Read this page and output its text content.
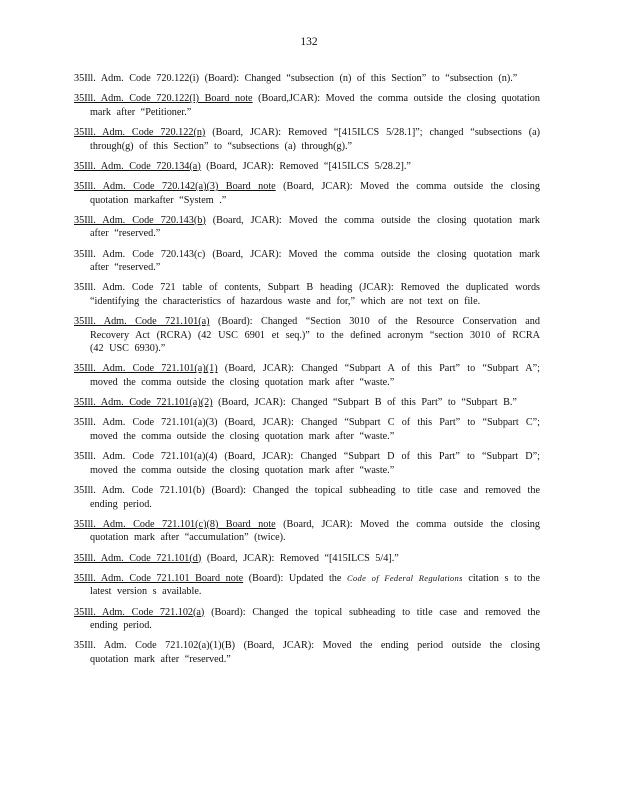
132

35Ill. Adm. Code 720.122(i) (Board): Changed “subsection (n) of this Section” to “subsection (n).”

35Ill. Adm. Code 720.122(l) Board note (Board,JCAR): Moved the comma outside the closing quotation mark after “Petitioner.”

35Ill. Adm. Code 720.122(n) (Board, JCAR): Removed “[415ILCS 5/28.1]”; changed “subsections (a) through(g) of this Section” to “subsections (a) through(g).”

35Ill. Adm. Code 720.134(a) (Board, JCAR): Removed “[415ILCS 5/28.2].”

35Ill. Adm. Code 720.142(a)(3) Board note (Board, JCAR): Moved the comma outside the closing quotation markafter “System .”

35Ill. Adm. Code 720.143(b) (Board, JCAR): Moved the comma outside the closing quotation mark after “reserved.”

35Ill. Adm. Code 720.143(c) (Board, JCAR): Moved the comma outside the closing quotation mark after “reserved.”

35Ill. Adm. Code 721 table of contents, Subpart B heading (JCAR): Removed the duplicated words “identifying the characteristics of hazardous waste and for,” which are not text on file.

35Ill. Adm. Code 721.101(a) (Board): Changed “Section 3010 of the Resource Conservation and Recovery Act (RCRA) (42 USC 6901 et seq.)” to the defined acronym “section 3010 of RCRA (42 USC 6930).”

35Ill. Adm. Code 721.101(a)(1) (Board, JCAR): Changed “Subpart A of this Part” to “Subpart A”; moved the comma outside the closing quotation mark after “waste.”

35Ill. Adm. Code 721.101(a)(2) (Board, JCAR): Changed “Subpart B of this Part” to “Subpart B.”

35Ill. Adm. Code 721.101(a)(3) (Board, JCAR): Changed “Subpart C of this Part” to “Subpart C”; moved the comma outside the closing quotation mark after “waste.”

35Ill. Adm. Code 721.101(a)(4) (Board, JCAR): Changed “Subpart D of this Part” to “Subpart D”; moved the comma outside the closing quotation mark after “waste.”

35Ill. Adm. Code 721.101(b) (Board): Changed the topical subheading to title case and removed the ending period.

35Ill. Adm. Code 721.101(c)(8) Board note (Board, JCAR): Moved the comma outside the closing quotation mark after “accumulation” (twice).

35Ill. Adm. Code 721.101(d) (Board, JCAR): Removed “[415ILCS 5/4].”

35Ill. Adm. Code 721.101 Board note (Board): Updated the Code of Federal Regulations citation s to the latest version s available.

35Ill. Adm. Code 721.102(a) (Board): Changed the topical subheading to title case and removed the ending period.

35Ill. Adm. Code 721.102(a)(1)(B) (Board, JCAR): Moved the ending period outside the closing quotation mark after “reserved.”
